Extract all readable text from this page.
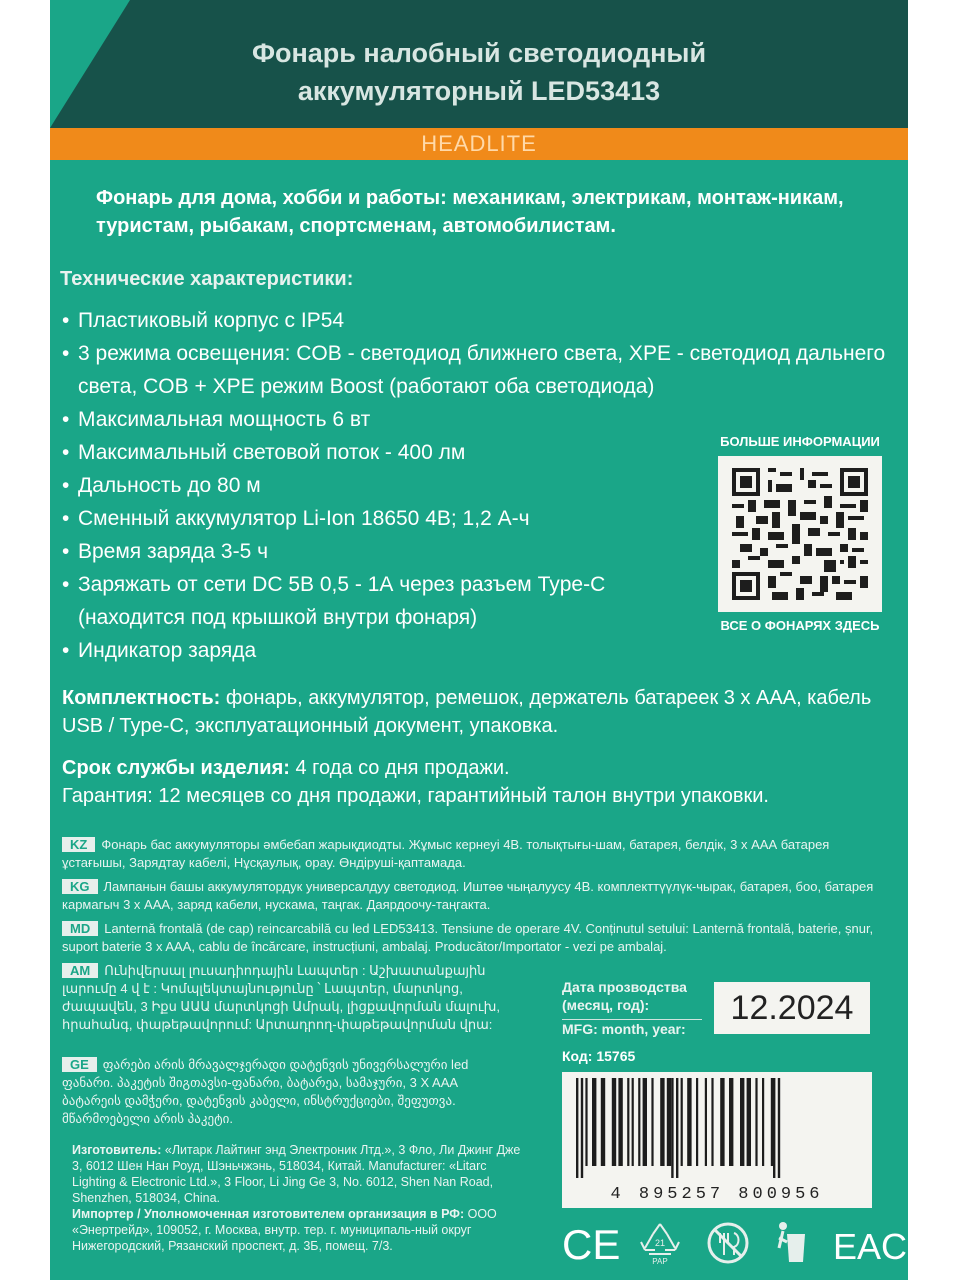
Фонарь налобный светодиодный
аккумуляторный LED53413

HEADLITE

Фонарь для дома, хобби и работы: механикам, электрикам, монтаж-никам, туристам, рыбакам, спортсменам, автомобилистам.

Технические характеристики:
• Пластиковый корпус с IP54
• 3 режима освещения: COB - светодиод ближнего света, XPE - светодиод дальнего света, COB + XPE режим Boost (работают оба светодиода)
• Максимальная мощность 6 вт
• Максимальный световой поток - 400 лм
• Дальность до 80 м
• Сменный аккумулятор Li-Ion 18650 4В; 1,2 А-ч
• Время заряда 3-5 ч
• Заряжать от сети DC 5В 0,5 - 1А через разъем Type-C (находится под крышкой внутри фонаря)
• Индикатор заряда
БОЛЬШЕ ИНФОРМАЦИИ
ВСЕ О ФОНАРЯХ ЗДЕСЬ
Комплектность: фонарь, аккумулятор, ремешок, держатель батареек 3 х ААА, кабель USB / Type-C, эксплуатационный документ, упаковка.
Срок службы изделия: 4 года со дня продажи.
Гарантия: 12 месяцев со дня продажи, гарантийный талон внутри упаковки.
KZ Фонарь бас аккумуляторы әмбебап жарықдиодты. Жұмыс кернеуі 4В. толықтығы-шам, батарея, белдік, 3 х ААА батарея ұстағышы, Зарядтау кабелі, Нұсқаулық, орау. Өндіруші-қаптамада.
KG Лампанын башы аккумулятордук универсалдуу светодиод. Иштөө чыңалуусу 4В. комплекттүүлүк-чырак, батарея, боо, батарея кармагыч 3 х ААА, заряд кабели, нускама, таңгак. Даярдоочу-таңгакта.
MD Lanternă frontală (de cap) reincarcabilă cu led LED53413. Tensiune de operare 4V. Conținutul setului: Lanternă frontală, baterie, șnur, suport baterie 3 x AAA, cablu de încărcare, instrucțiuni, ambalaj. Producător/Importator - vezi pe ambalaj.
AM Ունիվերսալ լուսադիոդային Լապտեր : Աշխատանքային լարումը 4 վ է : Կոմպլեկտայնությունը ՝ Լապտեր, մարտկոց, ժապավեն, 3 Իքս ԱԱԱ մարտկոցի Ամրակ, լիցքավորման մալուխ, հրահանգ, փաթեթավորում: Արտադրող-փաթեթավորման վրա:
GE ფარები არის მრავალჯერადი დატენვის უნივერსალური led ფანარი. პაკეტის შიგთავსი-ფანარი, ბატარეა, სამაჯური, 3 X AAA ბატარეის დამჭერი, დატენვის კაბელი, ინსტრუქციები, შეფუთვა. მწარმოებელი არის პაკეტი.
Дата прозводства (месяц, год):
MFG: month, year:
12.2024
Код: 15765
4 895257 800956
Изготовитель: «Литарк Лайтинг энд Электроник Лтд.», 3 Фло, Ли Джинг Дже 3, 6012 Шен Нан Роуд, Шэньчжэнь, 518034, Китай. Manufacturer: «Litarc Lighting & Electronic Ltd.», 3 Floor, Li Jing Ge 3, No. 6012, Shen Nan Road, Shenzhen, 518034, China.
Импортер / Уполномоченная изготовителем организация в РФ: ООО «Энертрейд», 109052, г. Москва, внутр. тер. г. муниципаль-ный округ Нижегородский, Рязанский проспект, д. 3Б, помещ. 7/3.	CE	21
PAP	EAC
